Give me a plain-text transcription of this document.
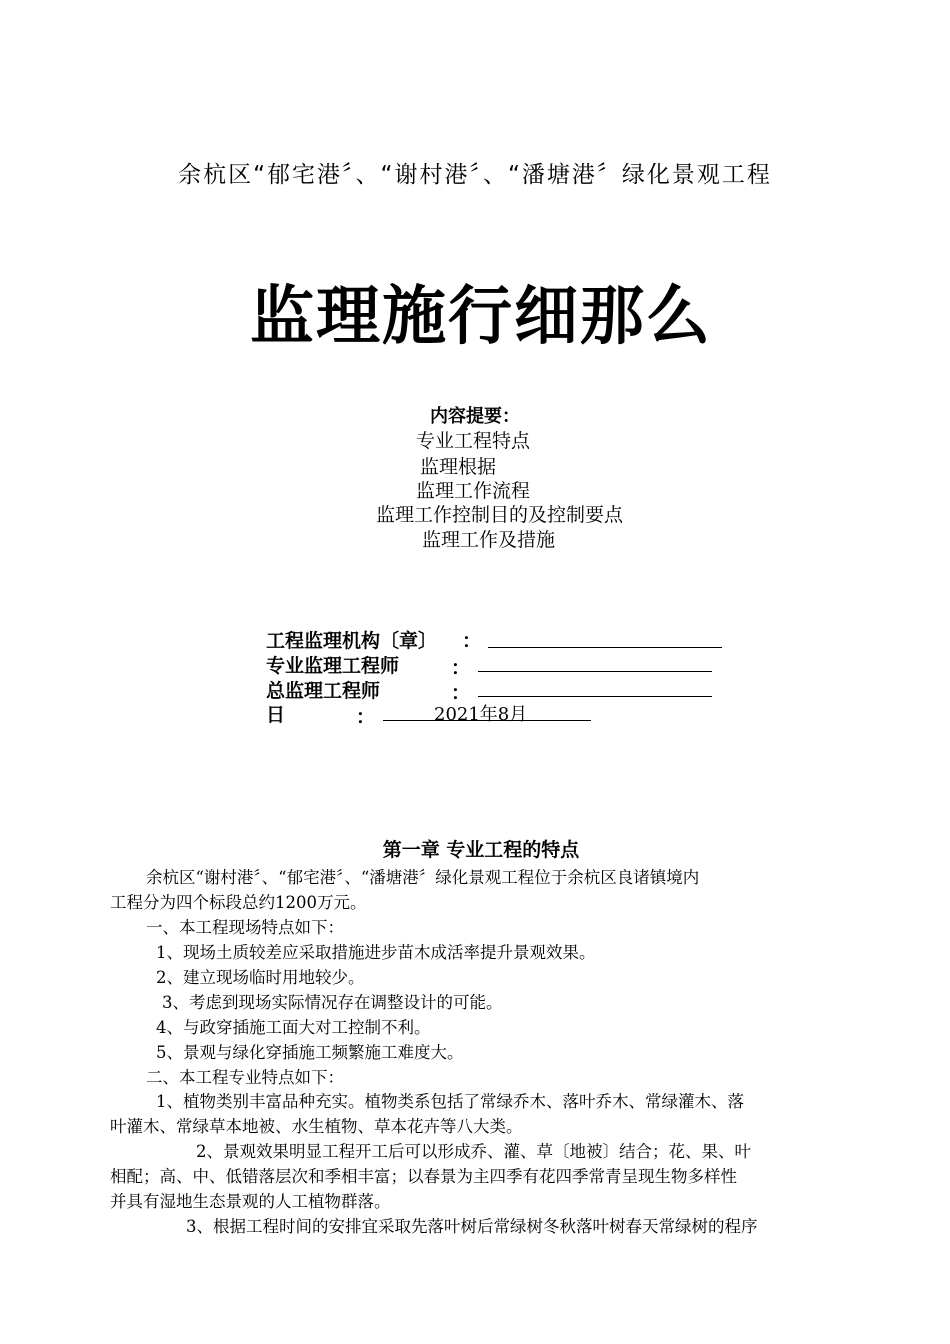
余杭区“郁宅港〞、“谢村港〞、“潘塘港〞绿化景观工程
监理施行细那么
内容提要：
专业工程特点
监理根据
监理工作流程
监理工作控制目的及控制要点
监理工作及措施
工程监理机构〔章〕 ：
专业监理工程师	：
总监理工程师	：
日	：	2021年8月
第一章 专业工程的特点
余杭区“谢村港〞、“郁宅港〞、“潘塘港〞绿化景观工程位于余杭区良诸镇境内
工程分为四个标段总约1200万元。
一、本工程现场特点如下：
1、现场土质较差应采取措施进步苗木成活率提升景观效果。
2、建立现场临时用地较少。
3、考虑到现场实际情况存在调整设计的可能。
4、与政穿插施工面大对工控制不利。
5、景观与绿化穿插施工频繁施工难度大。
二、本工程专业特点如下：
1、植物类别丰富品种充实。植物类系包括了常绿乔木、落叶乔木、常绿灌木、落
叶灌木、常绿草本地被、水生植物、草本花卉等八大类。
2、景观效果明显工程开工后可以形成乔、灌、草〔地被〕结合；花、果、叶
相配；高、中、低错落层次和季相丰富；以春景为主四季有花四季常青呈现生物多样性
并具有湿地生态景观的人工植物群落。
3、根据工程时间的安排宜采取先落叶树后常绿树冬秋落叶树春天常绿树的程序
